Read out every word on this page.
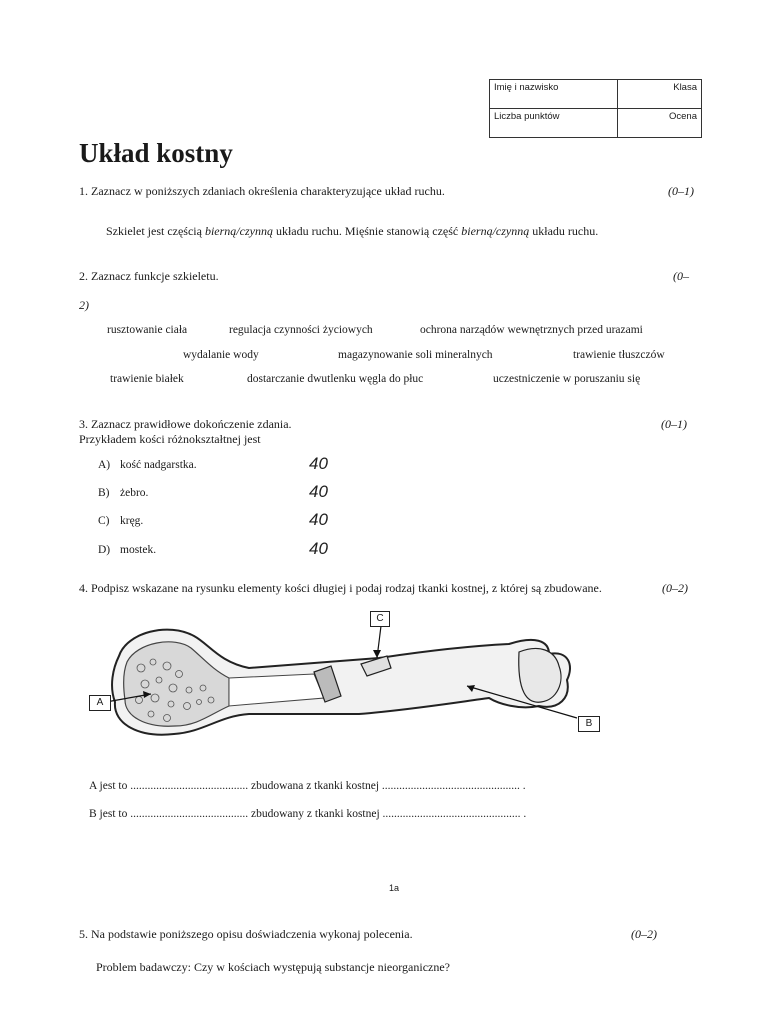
Imię i nazwisko	Klasa
Liczba punktów	Ocena
Układ kostny
1. Zaznacz w poniższych zdaniach określenia charakteryzujące układ ruchu.	(0–1)
Szkielet jest częścią bierną/czynną układu ruchu. Mięśnie stanowią część bierną/czynną układu ruchu.
2. Zaznacz funkcje szkieletu.	(0–
2)
rusztowanie ciała	regulacja czynności życiowych	ochrona narządów wewnętrznych przed urazami
wydalanie wody	magazynowanie soli mineralnych	trawienie tłuszczów
trawienie białek	dostarczanie dwutlenku węgla do płuc	uczestniczenie w poruszaniu się
3. Zaznacz prawidłowe dokończenie zdania.	(0–1)
Przykładem kości różnokształtnej jest
A) kość nadgarstka.	40
B) żebro.	40
C) kręg.	40
D) mostek.	40
4. Podpisz wskazane na rysunku elementy kości długiej i podaj rodzaj tkanki kostnej, z której są zbudowane.	(0–2)
A
C
B
A jest to ......................................... zbudowana z tkanki kostnej ................................................ .
B jest to ......................................... zbudowany z tkanki kostnej ................................................ .
1a
5. Na podstawie poniższego opisu doświadczenia wykonaj polecenia.	(0–2)
Problem badawczy: Czy w kościach występują substancje nieorganiczne?
